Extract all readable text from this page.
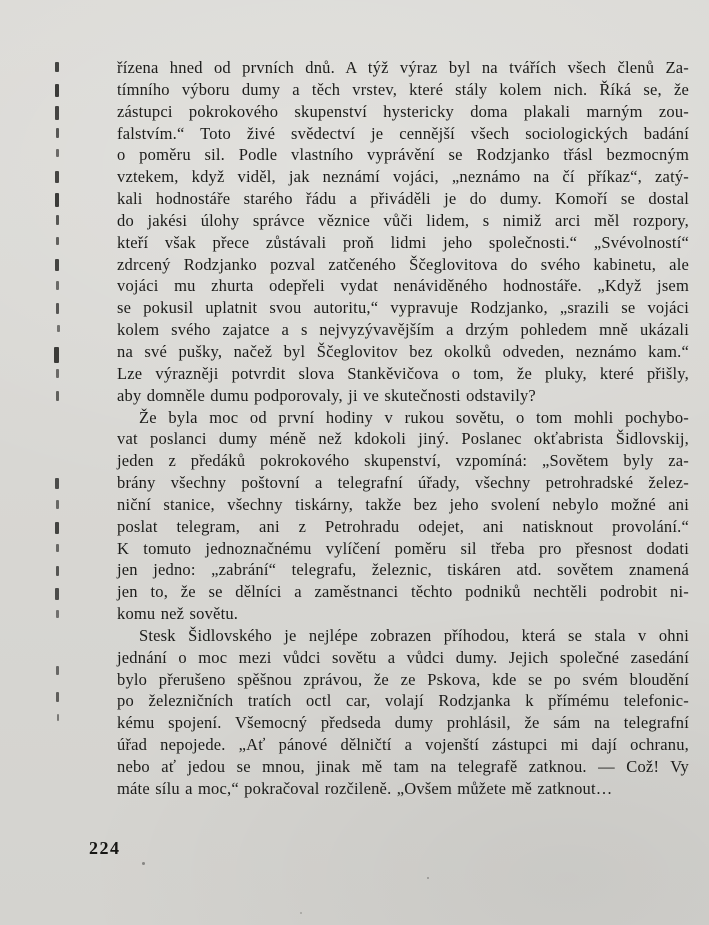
řízena hned od prvních dnů. A týž výraz byl na tvářích všech členů Za-
tímního výboru dumy a těch vrstev, které stály kolem nich. Říká se, že
zástupci pokrokového skupenství hystericky doma plakali marným zou-
falstvím.“ Toto živé svědectví je cennější všech sociologických badání
o poměru sil. Podle vlastního vyprávění se Rodzjanko třásl bezmocným
vztekem, když viděl, jak neznámí vojáci, „neznámo na čí příkaz“, zatý-
kali hodnostáře starého řádu a přiváděli je do dumy. Komoří se dostal
do jakési úlohy správce věznice vůči lidem, s nimiž arci měl rozpory,
kteří však přece zůstávali proň lidmi jeho společnosti.“ „Svévolností“
zdrcený Rodzjanko pozval zatčeného Ščeglovitova do svého kabinetu, ale
vojáci mu zhurta odepřeli vydat nenáviděného hodnostáře. „Když jsem
se pokusil uplatnit svou autoritu,“ vypravuje Rodzjanko, „srazili se vojáci
kolem svého zajatce a s nejvyzývavějším a drzým pohledem mně ukázali
na své pušky, načež byl Ščeglovitov bez okolků odveden, neznámo kam.“
Lze výrazněji potvrdit slova Stankěvičova o tom, že pluky, které přišly,
aby domněle dumu podporovaly, ji ve skutečnosti odstavily?
Že byla moc od první hodiny v rukou sovětu, o tom mohli pochybo-
vat poslanci dumy méně než kdokoli jiný. Poslanec okťabrista Šidlovskij,
jeden z předáků pokrokového skupenství, vzpomíná: „Sovětem byly za-
brány všechny poštovní a telegrafní úřady, všechny petrohradské želez-
niční stanice, všechny tiskárny, takže bez jeho svolení nebylo možné ani
poslat telegram, ani z Petrohradu odejet, ani natisknout provolání.“
K tomuto jednoznačnému vylíčení poměru sil třeba pro přesnost dodati
jen jedno: „zabrání“ telegrafu, železnic, tiskáren atd. sovětem znamená
jen to, že se dělníci a zaměstnanci těchto podniků nechtěli podrobit ni-
komu než sovětu.
Stesk Šidlovského je nejlépe zobrazen příhodou, která se stala v ohni
jednání o moc mezi vůdci sovětu a vůdci dumy. Jejich společné zasedání
bylo přerušeno spěšnou zprávou, že ze Pskova, kde se po svém bloudění
po železničních tratích octl car, volají Rodzjanka k přímému telefonic-
kému spojení. Všemocný předseda dumy prohlásil, že sám na telegrafní
úřad nepojede. „Ať pánové dělničtí a vojenští zástupci mi dají ochranu,
nebo ať jedou se mnou, jinak mě tam na telegrafě zatknou. — Což! Vy
máte sílu a moc,“ pokračoval rozčileně. „Ovšem můžete mě zatknout…
224
